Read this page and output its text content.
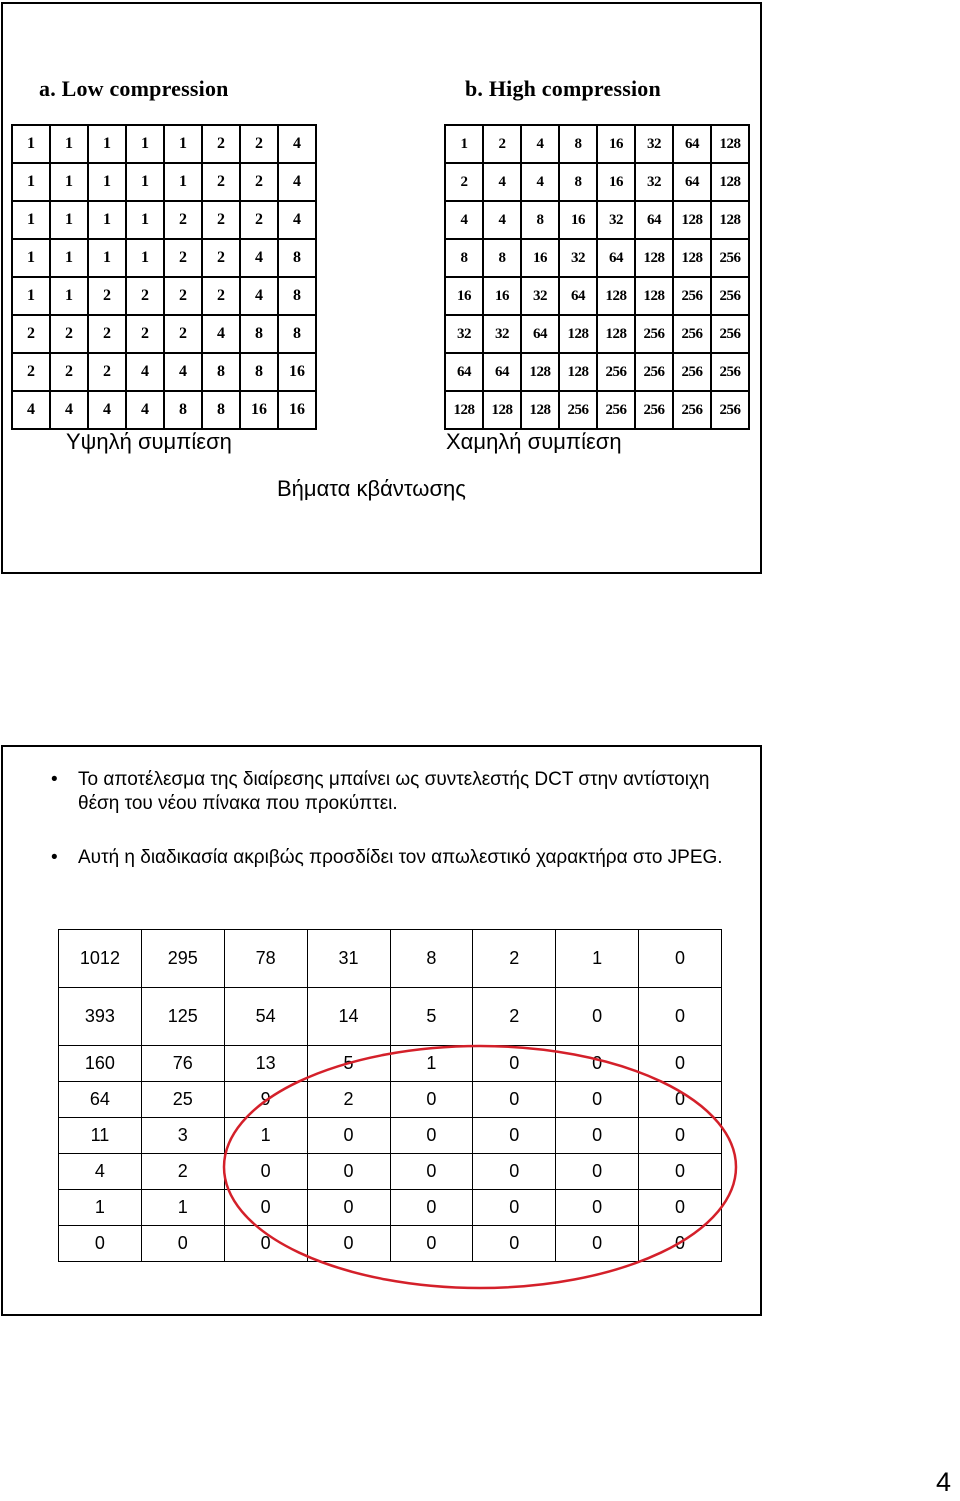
a. Low compression	b. High compression
1	1	1	1	1	2	2	4
1	1	1	1	1	2	2	4
1	1	1	1	2	2	2	4
1	1	1	1	2	2	4	8
1	1	2	2	2	2	4	8
2	2	2	2	2	4	8	8
2	2	2	4	4	8	8	16
4	4	4	4	8	8	16	16
1	2	4	8	16	32	64	128
2	4	4	8	16	32	64	128
4	4	8	16	32	64	128	128
8	8	16	32	64	128	128	256
16	16	32	64	128	128	256	256
32	32	64	128	128	256	256	256
64	64	128	128	256	256	256	256
128	128	128	256	256	256	256	256
Υψηλή συμπίεση	Χαμηλή συμπίεση
Βήματα κβάντωσης
• Το αποτέλεσμα της διαίρεσης μπαίνει ως συντελεστής DCT στην αντίστοιχη θέση του νέου πίνακα που προκύπτει.
• Αυτή η διαδικασία ακριβώς προσδίδει τον απωλεστικό χαρακτήρα στο JPEG.
1012	295	78	31	8	2	1	0
393	125	54	14	5	2	0	0
160	76	13	5	1	0	0	0
64	25	9	2	0	0	0	0
11	3	1	0	0	0	0	0
4	2	0	0	0	0	0	0
1	1	0	0	0	0	0	0
0	0	0	0	0	0	0	0
4
